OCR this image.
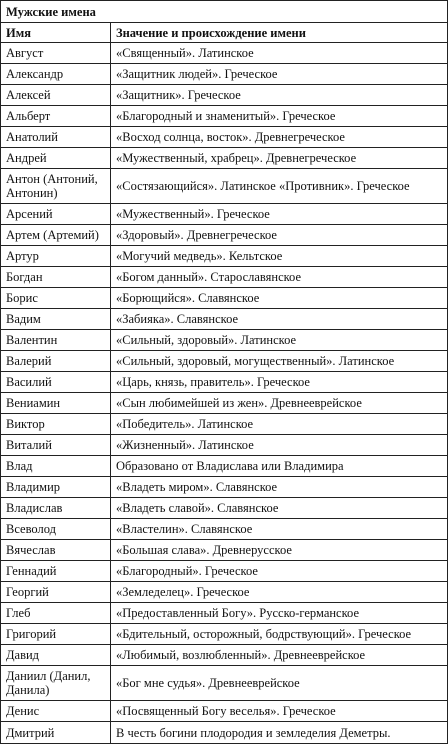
Мужские имена	
Имя	Значение и происхождение имени
Август	«Священный». Латинское
Александр	«Защитник людей». Греческое
Алексей	«Защитник». Греческое
Альберт	«Благородный и знаменитый». Греческое
Анатолий	«Восход солнца, восток». Древнегреческое
Андрей	«Мужественный, храбрец». Древнегреческое
Антон (Антоний, Антонин)	«Состязающийся». Латинское «Противник». Греческое
Арсений	«Мужественный». Греческое
Артем (Артемий)	«Здоровый». Древнегреческое
Артур	«Могучий медведь». Кельтское
Богдан	«Богом данный». Старославянское
Борис	«Борющийся». Славянское
Вадим	«Забияка». Славянское
Валентин	«Сильный, здоровый». Латинское
Валерий	«Сильный, здоровый, могущественный». Латинское
Василий	«Царь, князь, правитель». Греческое
Вениамин	«Сын любимейшей из жен». Древнееврейское
Виктор	«Победитель». Латинское
Виталий	«Жизненный». Латинское
Влад	Образовано от Владислава или Владимира
Владимир	«Владеть миром». Славянское
Владислав	«Владеть славой». Славянское
Всеволод	«Властелин». Славянское
Вячеслав	«Большая слава». Древнерусское
Геннадий	«Благородный». Греческое
Георгий	«Земледелец». Греческое
Глеб	«Предоставленный Богу». Русско-германское
Григорий	«Бдительный, осторожный, бодрствующий». Греческое
Давид	«Любимый, возлюбленный». Древнееврейское
Даниил (Данил, Данила)	«Бог мне судья». Древнееврейское
Денис	«Посвященный Богу веселья». Греческое
Дмитрий	В честь богини плодородия и земледелия Деметры.
